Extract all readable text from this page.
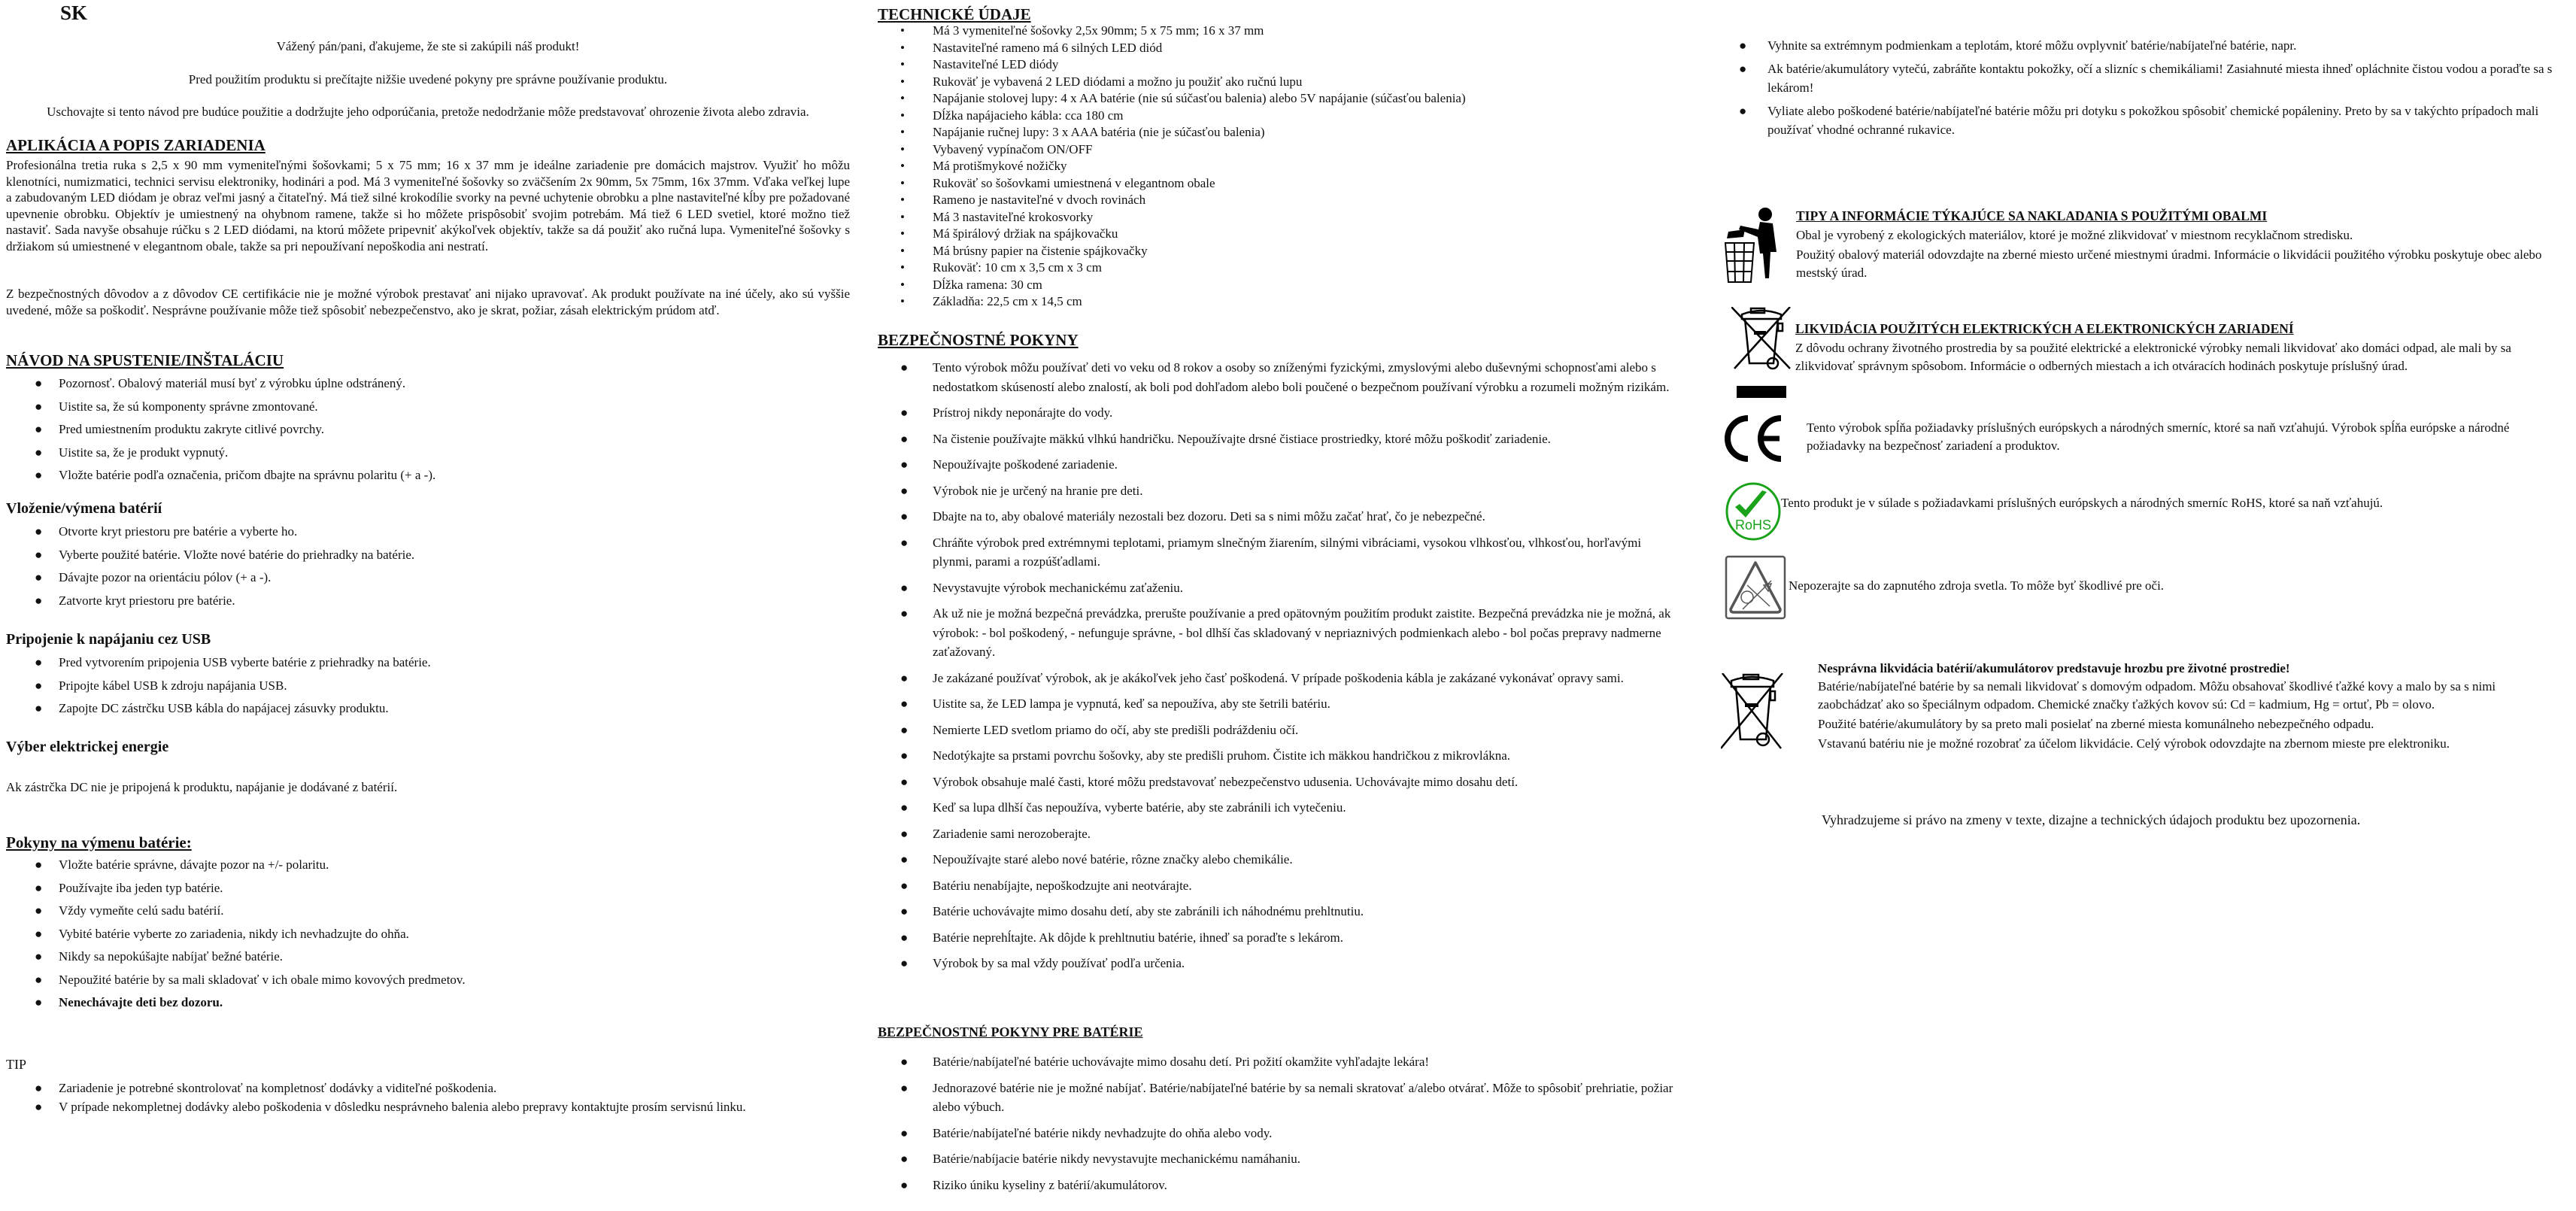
SK
Vážený pán/pani, ďakujeme, že ste si zakúpili náš produkt!
Pred použitím produktu si prečítajte nižšie uvedené pokyny pre správne používanie produktu.
Uschovajte si tento návod pre budúce použitie a dodržujte jeho odporúčania, pretože nedodržanie môže predstavovať ohrozenie života alebo zdravia.
APLIKÁCIA A POPIS ZARIADENIA
Profesionálna tretia ruka s 2,5 x 90 mm vymeniteľnými šošovkami; 5 x 75 mm; 16 x 37 mm je ideálne zariadenie pre domácich majstrov. Využiť ho môžu klenotníci, numizmatici, technici servisu elektroniky, hodinári a pod. Má 3 vymeniteľné šošovky so zväčšením 2x 90mm, 5x 75mm, 16x 37mm. Vďaka veľkej lupe a zabudovaným LED diódam je obraz veľmi jasný a čitateľný. Má tiež silné krokodílie svorky na pevné uchytenie obrobku a plne nastaviteľné kĺby pre požadované upevnenie obrobku. Objektív je umiestnený na ohybnom ramene, takže si ho môžete prispôsobiť svojim potrebám. Má tiež 6 LED svetiel, ktoré možno tiež nastaviť. Sada navyše obsahuje rúčku s 2 LED diódami, na ktorú môžete pripevniť akýkoľvek objektív, takže sa dá použiť ako ručná lupa. Vymeniteľné šošovky s držiakom sú umiestnené v elegantnom obale, takže sa pri nepoužívaní nepoškodia ani nestratí.
Z bezpečnostných dôvodov a z dôvodov CE certifikácie nie je možné výrobok prestavať ani nijako upravovať. Ak produkt používate na iné účely, ako sú vyššie uvedené, môže sa poškodiť. Nesprávne používanie môže tiež spôsobiť nebezpečenstvo, ako je skrat, požiar, zásah elektrickým prúdom atď.
NÁVOD NA SPUSTENIE/INŠTALÁCIU
● Pozornosť. Obalový materiál musí byť z výrobku úplne odstránený.
● Uistite sa, že sú komponenty správne zmontované.
● Pred umiestnením produktu zakryte citlivé povrchy.
● Uistite sa, že je produkt vypnutý.
● Vložte batérie podľa označenia, pričom dbajte na správnu polaritu (+ a -).
Vloženie/výmena batérií
● Otvorte kryt priestoru pre batérie a vyberte ho.
● Vyberte použité batérie. Vložte nové batérie do priehradky na batérie.
● Dávajte pozor na orientáciu pólov (+ a -).
● Zatvorte kryt priestoru pre batérie.
Pripojenie k napájaniu cez USB
● Pred vytvorením pripojenia USB vyberte batérie z priehradky na batérie.
● Pripojte kábel USB k zdroju napájania USB.
● Zapojte DC zástrčku USB kábla do napájacej zásuvky produktu.
Výber elektrickej energie
Ak zástrčka DC nie je pripojená k produktu, napájanie je dodávané z batérií.
Pokyny na výmenu batérie:
● Vložte batérie správne, dávajte pozor na +/- polaritu.
● Používajte iba jeden typ batérie.
● Vždy vymeňte celú sadu batérií.
● Vybité batérie vyberte zo zariadenia, nikdy ich nevhadzujte do ohňa.
● Nikdy sa nepokúšajte nabíjať bežné batérie.
● Nepoužité batérie by sa mali skladovať v ich obale mimo kovových predmetov.
● Nenechávajte deti bez dozoru.
TIP
● Zariadenie je potrebné skontrolovať na kompletnosť dodávky a viditeľné poškodenia.
● V prípade nekompletnej dodávky alebo poškodenia v dôsledku nesprávneho balenia alebo prepravy kontaktujte prosím servisnú linku.
TECHNICKÉ ÚDAJE
• Má 3 vymeniteľné šošovky 2,5x 90mm; 5 x 75 mm; 16 x 37 mm
• Nastaviteľné rameno má 6 silných LED diód
• Nastaviteľné LED diódy
• Rukoväť je vybavená 2 LED diódami a možno ju použiť ako ručnú lupu
• Napájanie stolovej lupy: 4 x AA batérie (nie sú súčasťou balenia) alebo 5V napájanie (súčasťou balenia)
• Dĺžka napájacieho kábla: cca 180 cm
• Napájanie ručnej lupy: 3 x AAA batéria (nie je súčasťou balenia)
• Vybavený vypínačom ON/OFF
• Má protišmykové nožičky
• Rukoväť so šošovkami umiestnená v elegantnom obale
• Rameno je nastaviteľné v dvoch rovinách
• Má 3 nastaviteľné krokosvorky
• Má špirálový držiak na spájkovačku
• Má brúsny papier na čistenie spájkovačky
• Rukoväť: 10 cm x 3,5 cm x 3 cm
• Dĺžka ramena: 30 cm
• Základňa: 22,5 cm x 14,5 cm
BEZPEČNOSTNÉ POKYNY
● Tento výrobok môžu používať deti vo veku od 8 rokov a osoby so zníženými fyzickými, zmyslovými alebo duševnými schopnosťami alebo s nedostatkom skúseností alebo znalostí, ak boli pod dohľadom alebo boli poučené o bezpečnom používaní výrobku a rozumeli možným rizikám.
● Prístroj nikdy neponárajte do vody.
● Na čistenie používajte mäkkú vlhkú handričku. Nepoužívajte drsné čistiace prostriedky, ktoré môžu poškodiť zariadenie.
● Nepoužívajte poškodené zariadenie.
● Výrobok nie je určený na hranie pre deti.
● Dbajte na to, aby obalové materiály nezostali bez dozoru. Deti sa s nimi môžu začať hrať, čo je nebezpečné.
● Chráňte výrobok pred extrémnymi teplotami, priamym slnečným žiarením, silnými vibráciami, vysokou vlhkosťou, vlhkosťou, horľavými plynmi, parami a rozpúšťadlami.
● Nevystavujte výrobok mechanickému zaťaženiu.
● Ak už nie je možná bezpečná prevádzka, prerušte používanie a pred opätovným použitím produkt zaistite. Bezpečná prevádzka nie je možná, ak výrobok: - bol poškodený, - nefunguje správne, - bol dlhší čas skladovaný v nepriaznivých podmienkach alebo - bol počas prepravy nadmerne zaťažovaný.
● Je zakázané používať výrobok, ak je akákoľvek jeho časť poškodená. V prípade poškodenia kábla je zakázané vykonávať opravy sami.
● Uistite sa, že LED lampa je vypnutá, keď sa nepoužíva, aby ste šetrili batériu.
● Nemierte LED svetlom priamo do očí, aby ste predišli podráždeniu očí.
● Nedotýkajte sa prstami povrchu šošovky, aby ste predišli pruhom. Čistite ich mäkkou handričkou z mikrovlákna.
● Výrobok obsahuje malé časti, ktoré môžu predstavovať nebezpečenstvo udusenia. Uchovávajte mimo dosahu detí.
● Keď sa lupa dlhší čas nepoužíva, vyberte batérie, aby ste zabránili ich vytečeniu.
● Zariadenie sami nerozoberajte.
● Nepoužívajte staré alebo nové batérie, rôzne značky alebo chemikálie.
● Batériu nenabíjajte, nepoškodzujte ani neotvárajte.
● Batérie uchovávajte mimo dosahu detí, aby ste zabránili ich náhodnému prehltnutiu.
● Batérie neprehĺtajte. Ak dôjde k prehltnutiu batérie, ihneď sa poraďte s lekárom.
● Výrobok by sa mal vždy používať podľa určenia.
BEZPEČNOSTNÉ POKYNY PRE BATÉRIE
● Batérie/nabíjateľné batérie uchovávajte mimo dosahu detí. Pri požití okamžite vyhľadajte lekára!
● Jednorazové batérie nie je možné nabíjať. Batérie/nabíjateľné batérie by sa nemali skratovať a/alebo otvárať. Môže to spôsobiť prehriatie, požiar alebo výbuch.
● Batérie/nabíjateľné batérie nikdy nevhadzujte do ohňa alebo vody.
● Batérie/nabíjacie batérie nikdy nevystavujte mechanickému namáhaniu.
● Riziko úniku kyseliny z batérií/akumulátorov.
● Vyhnite sa extrémnym podmienkam a teplotám, ktoré môžu ovplyvniť batérie/nabíjateľné batérie, napr.
● Ak batérie/akumulátory vytečú, zabráňte kontaktu pokožky, očí a slizníc s chemikáliami! Zasiahnuté miesta ihneď opláchnite čistou vodou a poraďte sa s lekárom!
● Vyliate alebo poškodené batérie/nabíjateľné batérie môžu pri dotyku s pokožkou spôsobiť chemické popáleniny. Preto by sa v takýchto prípadoch mali používať vhodné ochranné rukavice.
TIPY A INFORMÁCIE TÝKAJÚCE SA NAKLADANIA S POUŽITÝMI OBALMI

Obal je vyrobený z ekologických materiálov, ktoré je možné zlikvidovať v miestnom recyklačnom stredisku.

Použitý obalový materiál odovzdajte na zberné miesto určené miestnymi úradmi. Informácie o likvidácii použitého výrobku poskytuje obec alebo mestský úrad.

LIKVIDÁCIA POUŽITÝCH ELEKTRICKÝCH A ELEKTRONICKÝCH ZARIADENÍ

Z dôvodu ochrany životného prostredia by sa použité elektrické a elektronické výrobky nemali likvidovať ako domáci odpad, ale mali by sa zlikvidovať správnym spôsobom. Informácie o odberných miestach a ich otváracích hodinách poskytuje príslušný úrad.

Tento výrobok spĺňa požiadavky príslušných európskych a národných smerníc, ktoré sa naň vzťahujú. Výrobok spĺňa európske a národné požiadavky na bezpečnosť zariadení a produktov.

RoHS

Tento produkt je v súlade s požiadavkami príslušných európskych a národných smerníc RoHS, ktoré sa naň vzťahujú.

Nepozerajte sa do zapnutého zdroja svetla. To môže byť škodlivé pre oči.

Nesprávna likvidácia batérií/akumulátorov predstavuje hrozbu pre životné prostredie!

Batérie/nabíjateľné batérie by sa nemali likvidovať s domovým odpadom. Môžu obsahovať škodlivé ťažké kovy a malo by sa s nimi zaobchádzať ako so špeciálnym odpadom. Chemické značky ťažkých kovov sú: Cd = kadmium, Hg = ortuť, Pb = olovo.

Použité batérie/akumulátory by sa preto mali posielať na zberné miesta komunálneho nebezpečného odpadu.

Vstavanú batériu nie je možné rozobrať za účelom likvidácie. Celý výrobok odovzdajte na zbernom mieste pre elektroniku.

Vyhradzujeme si právo na zmeny v texte, dizajne a technických údajoch produktu bez upozornenia.
